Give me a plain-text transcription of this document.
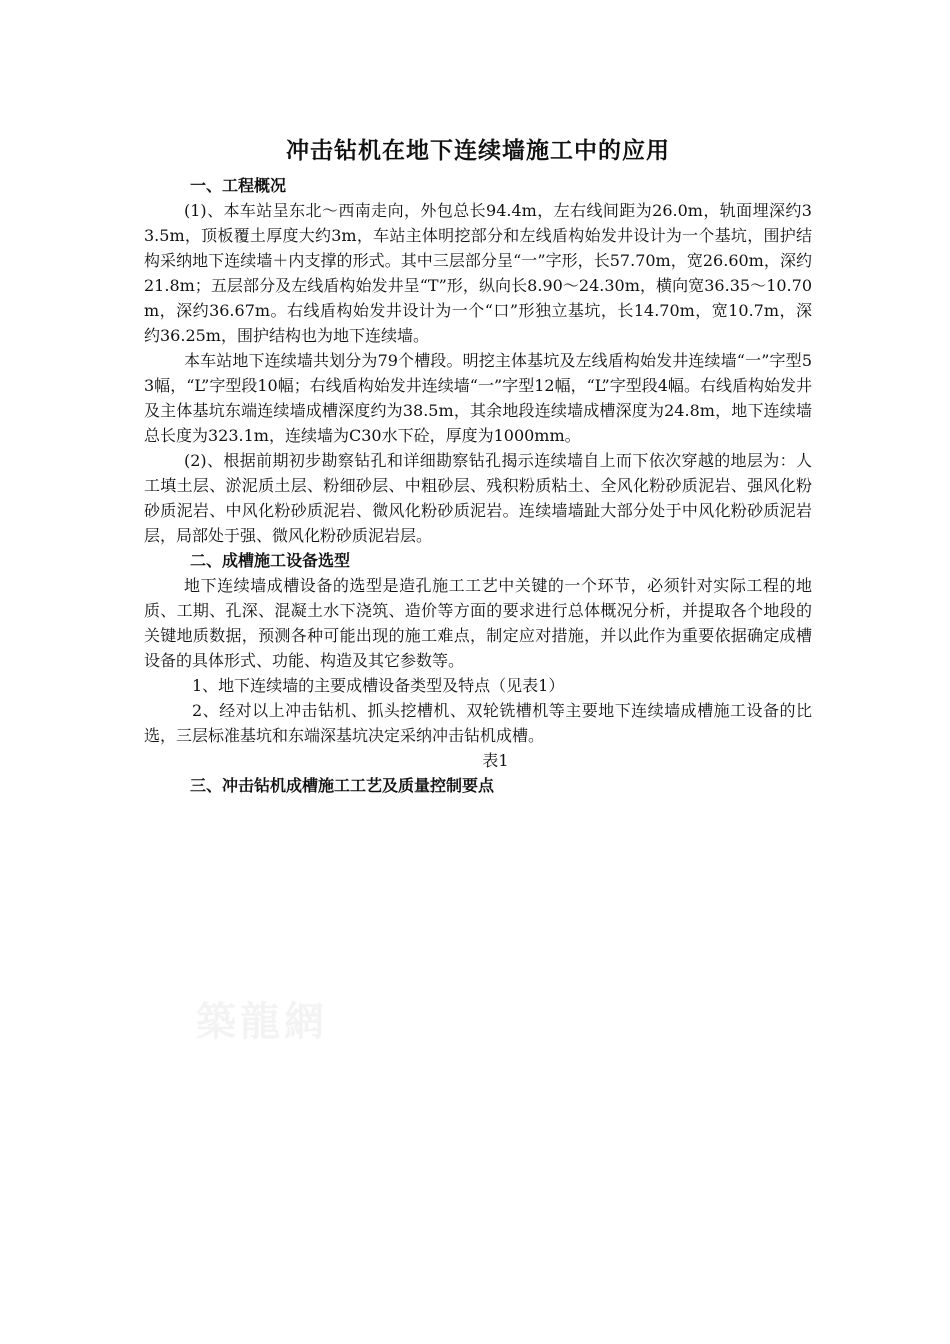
冲击钻机在地下连续墙施工中的应用

一、工程概况

(1)、本车站呈东北～西南走向，外包总长94.4m，左右线间距为26.0m，轨面埋深约33.5m，顶板覆土厚度大约3m，车站主体明挖部分和左线盾构始发井设计为一个基坑，围护结构采纳地下连续墙＋内支撑的形式。其中三层部分呈“一”字形，长57.70m，宽26.60m，深约21.8m；五层部分及左线盾构始发井呈“T”形，纵向长8.90～24.30m，横向宽36.35～10.70m，深约36.67m。右线盾构始发井设计为一个“口”形独立基坑，长14.70m，宽10.7m，深约36.25m，围护结构也为地下连续墙。

本车站地下连续墙共划分为79个槽段。明挖主体基坑及左线盾构始发井连续墙“一”字型53幅，“L”字型段10幅；右线盾构始发井连续墙“一”字型12幅，“L”字型段4幅。右线盾构始发井及主体基坑东端连续墙成槽深度约为38.5m，其余地段连续墙成槽深度为24.8m，地下连续墙总长度为323.1m，连续墙为C30水下砼，厚度为1000mm。

(2)、根据前期初步勘察钻孔和详细勘察钻孔揭示连续墙自上而下依次穿越的地层为：人工填土层、淤泥质土层、粉细砂层、中粗砂层、残积粉质粘土、全风化粉砂质泥岩、强风化粉砂质泥岩、中风化粉砂质泥岩、微风化粉砂质泥岩。连续墙墙趾大部分处于中风化粉砂质泥岩层，局部处于强、微风化粉砂质泥岩层。

二、成槽施工设备选型

地下连续墙成槽设备的选型是造孔施工工艺中关键的一个环节，必须针对实际工程的地质、工期、孔深、混凝土水下浇筑、造价等方面的要求进行总体概况分析，并提取各个地段的关键地质数据，预测各种可能出现的施工难点，制定应对措施，并以此作为重要依据确定成槽设备的具体形式、功能、构造及其它参数等。

1、地下连续墙的主要成槽设备类型及特点（见表1）

2、经对以上冲击钻机、抓头挖槽机、双轮铣槽机等主要地下连续墙成槽施工设备的比选，三层标准基坑和东端深基坑决定采纳冲击钻机成槽。

表1

三、冲击钻机成槽施工工艺及质量控制要点

築龍網
